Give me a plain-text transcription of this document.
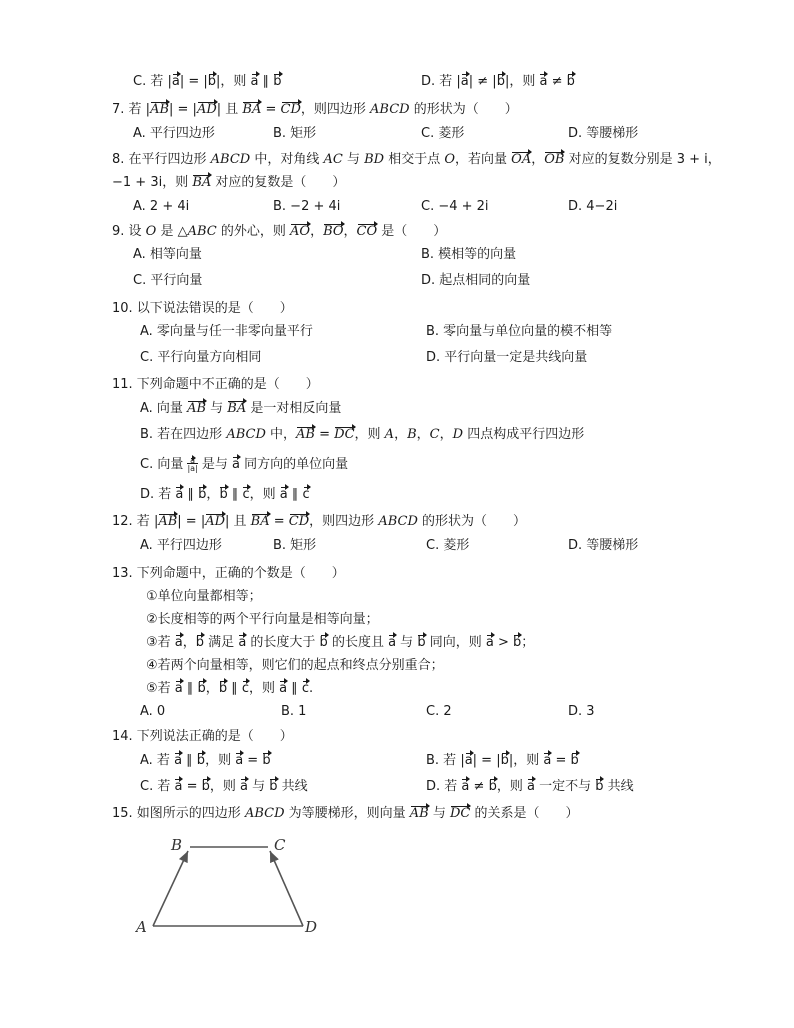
C. 若 |a| = |b|，则 a ∥ b	D. 若 |a| ≠ |b|，则 a ≠ b
7. 若 |AB| = |AD| 且 BA = CD，则四边形 ABCD 的形状为（　　）
A. 平行四边形	B. 矩形	C. 菱形	D. 等腰梯形
8. 在平行四边形 ABCD 中，对角线 AC 与 BD 相交于点 O，若向量 OA，OB 对应的复数分别是 3 + i，
−1 + 3i，则 BA 对应的复数是（　　）
A. 2 + 4i	B. −2 + 4i	C. −4 + 2i	D. 4−2i
9. 设 O 是 △ABC 的外心，则 AO，BO，CO 是（　　）
A. 相等向量	B. 模相等的向量
C. 平行向量	D. 起点相同的向量
10. 以下说法错误的是（　　）
A. 零向量与任一非零向量平行	B. 零向量与单位向量的模不相等
C. 平行向量方向相同	D. 平行向量一定是共线向量
11. 下列命题中不正确的是（　　）
A. 向量 AB 与 BA 是一对相反向量
B. 若在四边形 ABCD 中，AB = DC，则 A，B，C，D 四点构成平行四边形
C. 向量 $\frac{a}{|a|}$ 是与 a 同方向的单位向量
D. 若 a ∥ b，b ∥ c，则 a ∥ c
12. 若 |AB| = |AD| 且 BA = CD，则四边形 ABCD 的形状为（　　）
A. 平行四边形	B. 矩形	C. 菱形	D. 等腰梯形
13. 下列命题中，正确的个数是（　　）
①单位向量都相等；
②长度相等的两个平行向量是相等向量；
③若 a，b 满足 a 的长度大于 b 的长度且 a 与 b 同向，则 a > b；
④若两个向量相等，则它们的起点和终点分别重合；
⑤若 a ∥ b，b ∥ c，则 a ∥ c.
A. 0	B. 1	C. 2	D. 3
14. 下列说法正确的是（　　）
A. 若 a ∥ b，则 a = b	B. 若 |a| = |b|，则 a = b
C. 若 a = b，则 a 与 b 共线	D. 若 a ≠ b，则 a 一定不与 b 共线
15. 如图所示的四边形 ABCD 为等腰梯形，则向量 AB 与 DC 的关系是（　　）
A
B	C
D
